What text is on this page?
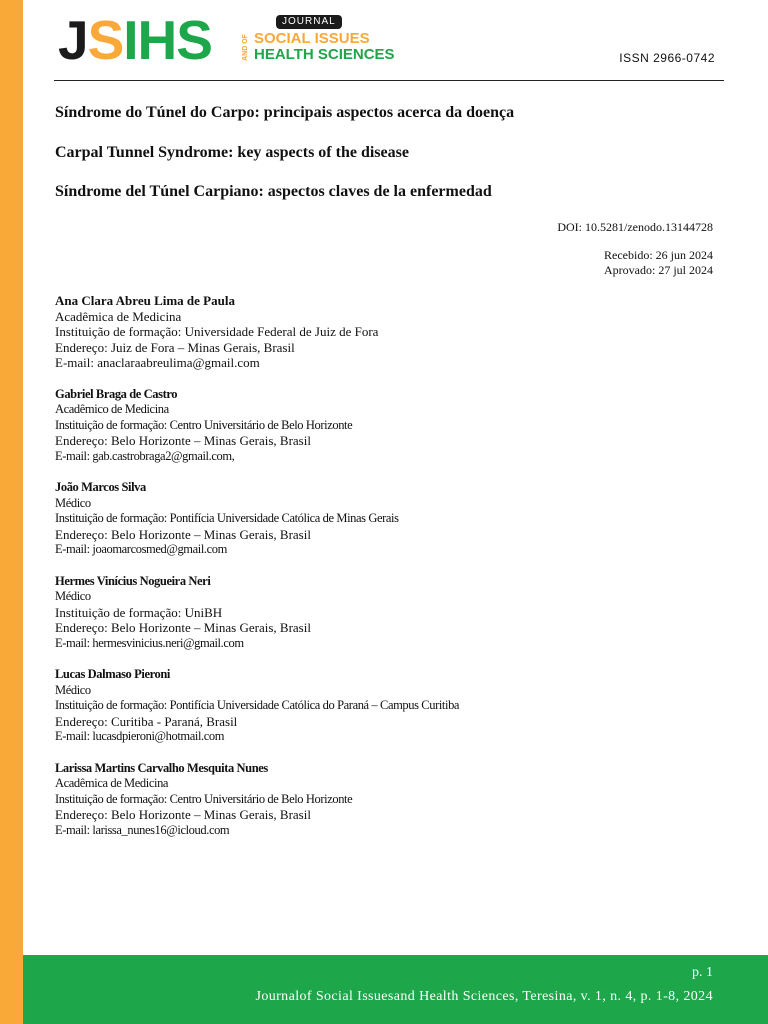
JSIHS	AND OF
JOURNAL
SOCIAL ISSUES
HEALTH SCIENCES	ISSN 2966-0742
Síndrome do Túnel do Carpo: principais aspectos acerca da doença
Carpal Tunnel Syndrome: key aspects of the disease
Síndrome del Túnel Carpiano: aspectos claves de la enfermedad
DOI: 10.5281/zenodo.13144728
Recebido: 26 jun 2024
Aprovado: 27 jul 2024
Ana Clara Abreu Lima de Paula
Acadêmica de Medicina
Instituição de formação: Universidade Federal de Juiz de Fora
Endereço: Juiz de Fora – Minas Gerais, Brasil
E-mail: anaclaraabreulima@gmail.com
Gabriel Braga de Castro
Acadêmico de Medicina
Instituição de formação: Centro Universitário de Belo Horizonte
Endereço: Belo Horizonte – Minas Gerais, Brasil
E-mail: gab.castrobraga2@gmail.com,
João Marcos Silva
Médico
Instituição de formação: Pontifícia Universidade Católica de Minas Gerais
Endereço: Belo Horizonte – Minas Gerais, Brasil
E-mail: joaomarcosmed@gmail.com
Hermes Vinícius Nogueira Neri
Médico
Instituição de formação: UniBH
Endereço: Belo Horizonte – Minas Gerais, Brasil
E-mail: hermesvinicius.neri@gmail.com
Lucas Dalmaso Pieroni
Médico
Instituição de formação: Pontifícia Universidade Católica do Paraná – Campus Curitiba
Endereço: Curitiba - Paraná, Brasil
E-mail: lucasdpieroni@hotmail.com
Larissa Martins Carvalho Mesquita Nunes
Acadêmica de Medicina
Instituição de formação: Centro Universitário de Belo Horizonte
Endereço: Belo Horizonte – Minas Gerais, Brasil
E-mail: larissa_nunes16@icloud.com
p. 1
Journalof Social Issuesand Health Sciences, Teresina, v. 1, n. 4, p. 1-8, 2024
